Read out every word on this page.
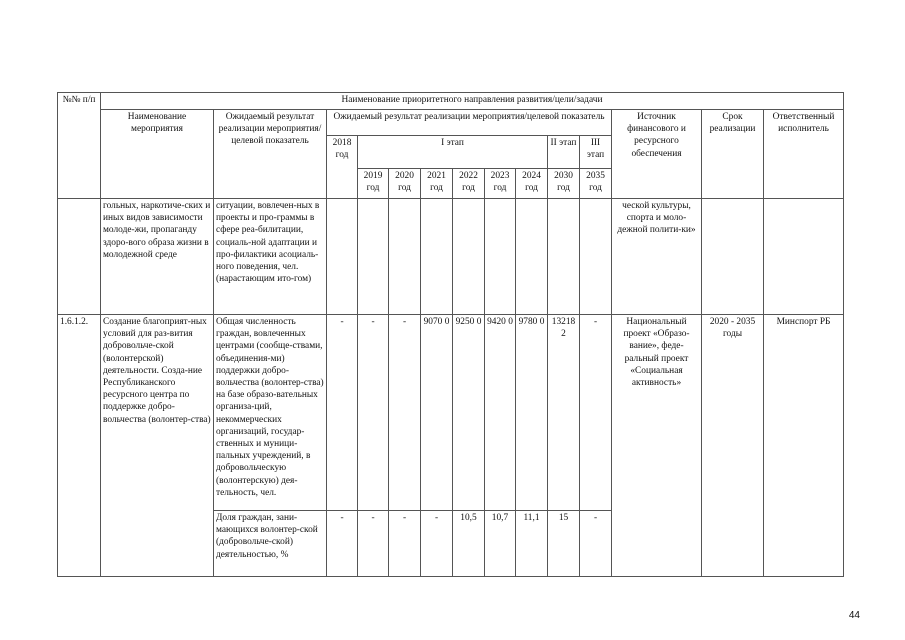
№№ п/п	Наименование приоритетного направления развития/цели/задачи													
	Наименование мероприятия	Ожидаемый результат реализации мероприятия/целевой показатель	Ожидаемый результат реализации мероприятия/целевой показатель									Источник финансового и ресурсного обеспечения	Срок реализации	Ответственный исполнитель
			2018 год	I этап						II этап	III этап			
				2019 год	2020 год	2021 год	2022 год	2023 год	2024 год	2030 год	2035 год			
	гольных, наркотиче-ских и иных видов зависимости молоде-жи, пропаганду здоро-вого образа жизни в молодежной среде	ситуации, вовлечен-ных в проекты и про-граммы в сфере реа-билитации, социаль-ной адаптации и про-филактики асоциаль-ного поведения, чел. (нарастающим ито-гом)										ческой культуры, спорта и моло-дежной полити-ки»		
1.6.1.2.	Создание благоприят-ных условий для раз-вития добровольче-ской (волонтерской) деятельности. Созда-ние Республиканского ресурсного центра по поддержке добро-вольчества (волонтер-ства)	Общая численность граждан, вовлеченных центрами (сообще-ствами, объединения-ми) поддержки добро-вольчества (волонтер-ства) на базе образо-вательных организа-ций, некоммерческих организаций, государ-ственных и муници-пальных учреждений, в добровольческую (волонтерскую) дея-тельность, чел.	-	-	-	9070 0	9250 0	9420 0	9780 0	13218 2	-	Национальный проект «Образо-вание», феде-ральный проект «Социальная активность»	2020 - 2035 годы	Минспорт РБ
		Доля граждан, зани-мающихся волонтер-ской (добровольче-ской) деятельностью, %	-	-	-	-	10,5	10,7	11,1	15	-			
44
